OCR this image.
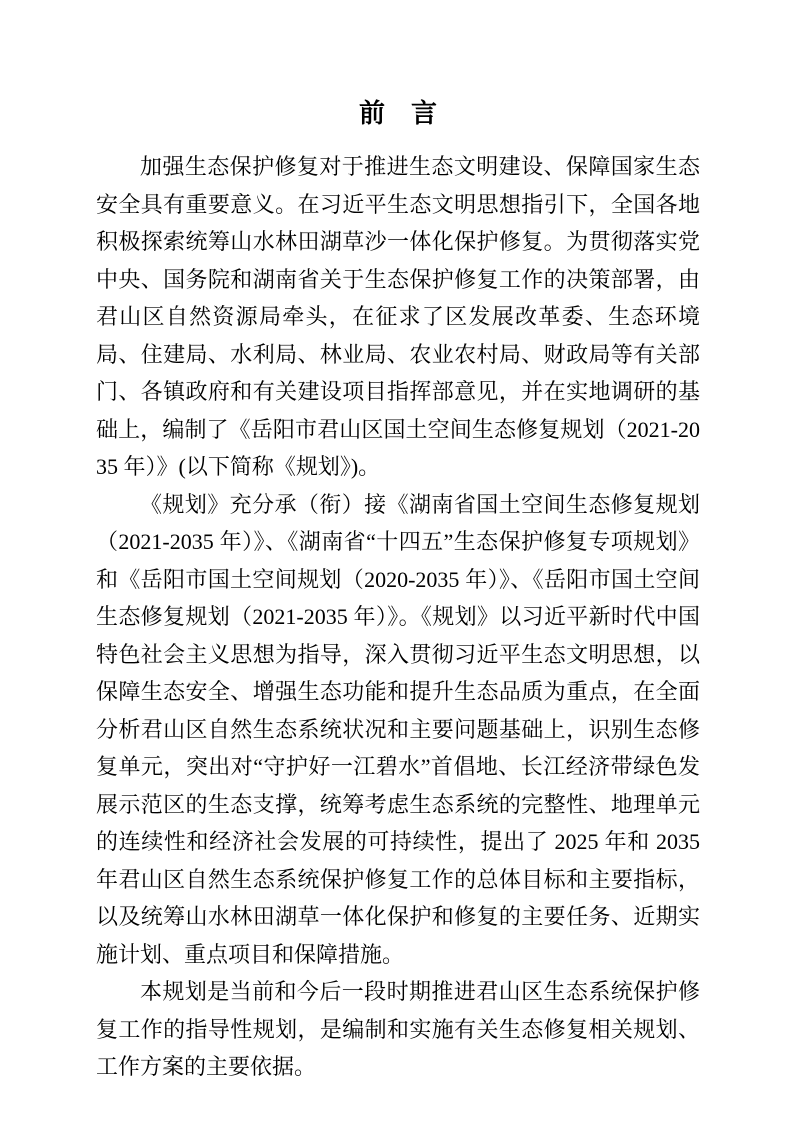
前　言

加强生态保护修复对于推进生态文明建设、保障国家生态安全具有重要意义。在习近平生态文明思想指引下，全国各地积极探索统筹山水林田湖草沙一体化保护修复。为贯彻落实党中央、国务院和湖南省关于生态保护修复工作的决策部署，由君山区自然资源局牵头，在征求了区发展改革委、生态环境局、住建局、水利局、林业局、农业农村局、财政局等有关部门、各镇政府和有关建设项目指挥部意见，并在实地调研的基础上，编制了《岳阳市君山区国土空间生态修复规划（2021-2035 年）》(以下简称《规划》)。

《规划》充分承（衔）接《湖南省国土空间生态修复规划（2021-2035 年）》、《湖南省“十四五”生态保护修复专项规划》和《岳阳市国土空间规划（2020-2035 年）》、《岳阳市国土空间生态修复规划（2021-2035 年）》。《规划》以习近平新时代中国特色社会主义思想为指导，深入贯彻习近平生态文明思想，以保障生态安全、增强生态功能和提升生态品质为重点，在全面分析君山区自然生态系统状况和主要问题基础上，识别生态修复单元，突出对“守护好一江碧水”首倡地、长江经济带绿色发展示范区的生态支撑，统筹考虑生态系统的完整性、地理单元的连续性和经济社会发展的可持续性，提出了 2025 年和 2035 年君山区自然生态系统保护修复工作的总体目标和主要指标，以及统筹山水林田湖草一体化保护和修复的主要任务、近期实施计划、重点项目和保障措施。

本规划是当前和今后一段时期推进君山区生态系统保护修复工作的指导性规划，是编制和实施有关生态修复相关规划、工作方案的主要依据。
